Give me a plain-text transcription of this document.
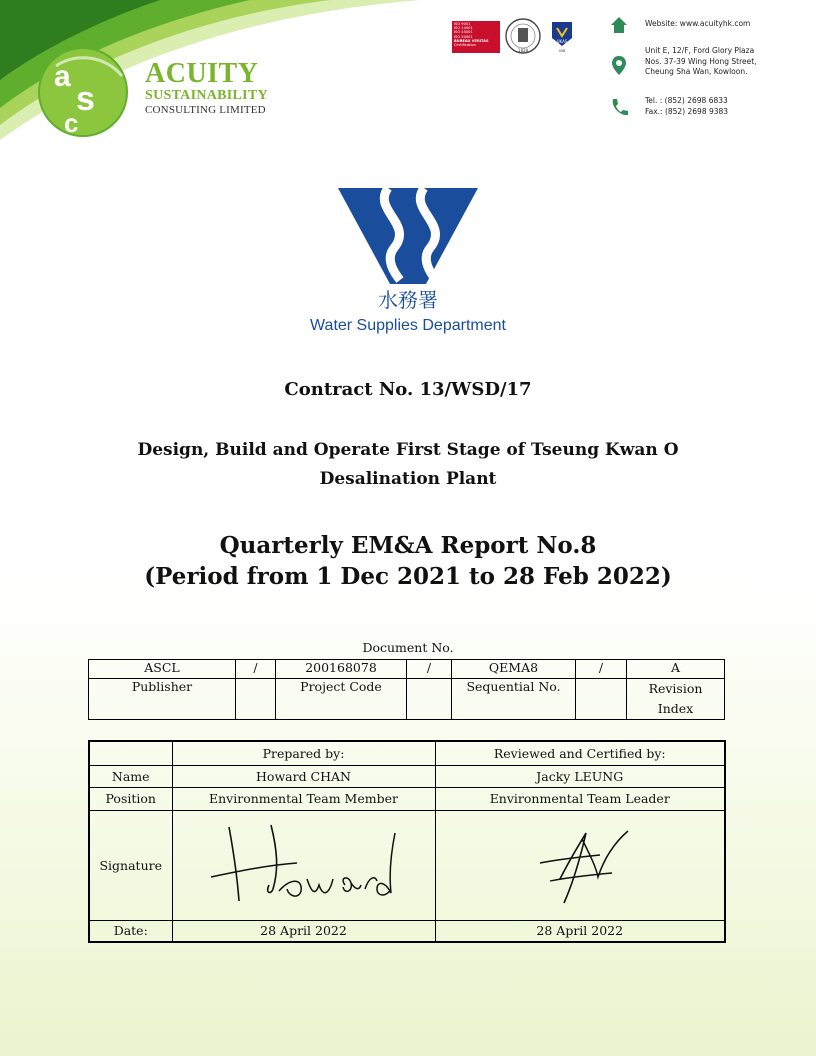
a
s
c
ACUITY
SUSTAINABILITY
CONSULTING LIMITED
ISO 9001
ISO 14001
ISO 45001
ISO 50001
BUREAU VERITAS
Certification
1828
UKAS
008
Website: www.acuityhk.com
Unit E, 12/F, Ford Glory Plaza
Nos. 37-39 Wing Hong Street,
Cheung Sha Wan, Kowloon.
Tel. : (852) 2698 6833
Fax.: (852) 2698 9383
水務署
Water Supplies Department
Contract No. 13/WSD/17
Design, Build and Operate First Stage of Tseung Kwan O
Desalination Plant
Quarterly EM&A Report No.8
(Period from 1 Dec 2021 to 28 Feb 2022)
Document No.
ASCL	/	200168078	/	QEMA8	/	A
Publisher		Project Code		Sequential No.		Revision
Index
	Prepared by:	Reviewed and Certified by:
Name	Howard CHAN	Jacky LEUNG
Position	Environmental Team Member	Environmental Team Leader
Signature		
Date:	28 April 2022	28 April 2022
